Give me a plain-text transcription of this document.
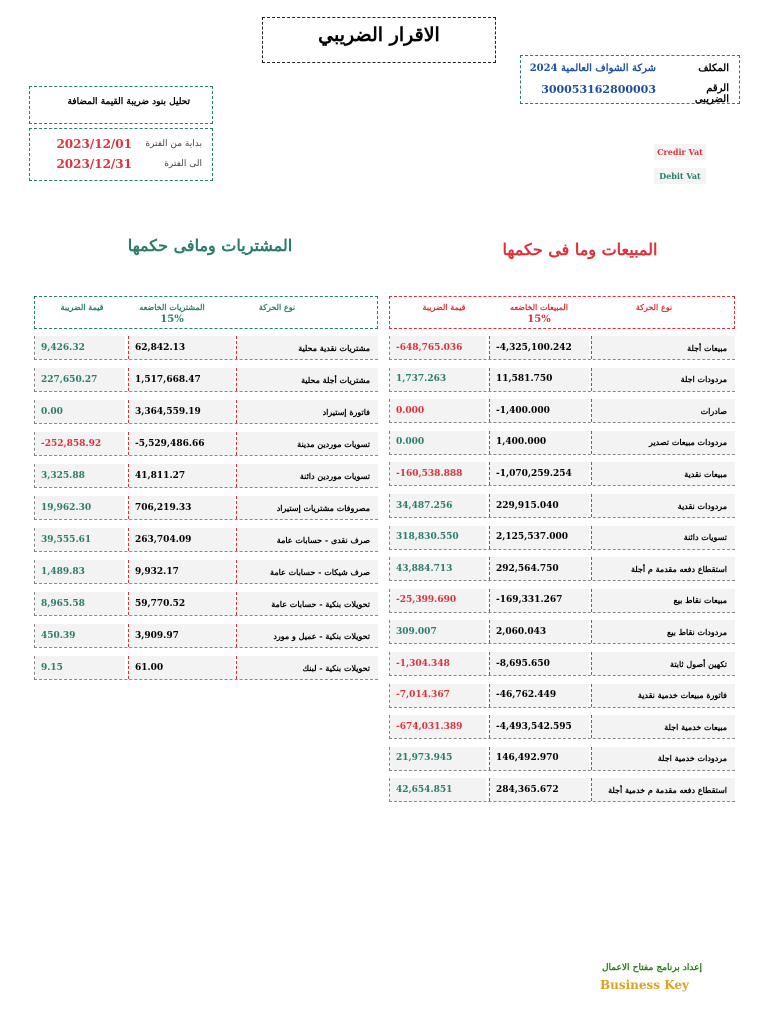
الاقرار الضريبي
المكلف
شركة الشواف العالمية 2024
الرقم الضريبى
300053162800003
تحليل بنود ضريبة القيمة المضافة
بداية من الفترة
2023/12/01
الى الفترة
2023/12/31
Credir Vat
Debit Vat
المبيعات وما فى حكمها
المشتريات ومافى حكمها
نوع الحركة
المبيعات الخاضعه
15%
قيمة الضريبة
نوع الحركة
المشتريات الخاضعه
15%
قيمة الضريبة
-648,765.036	-4,325,100.242	مبيعات أجلة
1,737.263	11,581.750	مردودات اجلة
0.000	-1,400.000	صادرات
0.000	1,400.000	مردودات مبيعات تصدير
-160,538.888	-1,070,259.254	مبيعات نقدية
34,487.256	229,915.040	مردودات نقدية
318,830.550	2,125,537.000	تسويات دائنة
43,884.713	292,564.750	استقطاع دفعه مقدمة م أجلة
-25,399.690	-169,331.267	مبيعات نقاط بيع
309.007	2,060.043	مردودات نقاط بيع
-1,304.348	-8,695.650	تكهين أصول ثابتة
-7,014.367	-46,762.449	فاتورة مبيعات خدمية نقدية
-674,031.389	-4,493,542.595	مبيعات خدمية اجلة
21,973.945	146,492.970	مردودات خدمية اجلة
42,654.851	284,365.672	استقطاع دفعه مقدمة م خدمية أجلة
9,426.32	62,842.13	مشتريات نقدية محلية
227,650.27	1,517,668.47	مشتريات أجلة محلية
0.00	3,364,559.19	فاتورة إستيراد
-252,858.92	-5,529,486.66	تسويات موردين مدينة
3,325.88	41,811.27	تسويات موردين دائنة
19,962.30	706,219.33	مصروفات مشتريات إستيراد
39,555.61	263,704.09	صرف نقدى - حسابات عامة
1,489.83	9,932.17	صرف شيكات - حسابات عامة
8,965.58	59,770.52	تحويلات بنكية - حسابات عامة
450.39	3,909.97	تحويلات بنكية - عميل و مورد
9.15	61.00	تحويلات بنكية - لبنك
إعداد برنامج مفتاح الاعمال
Business Key
